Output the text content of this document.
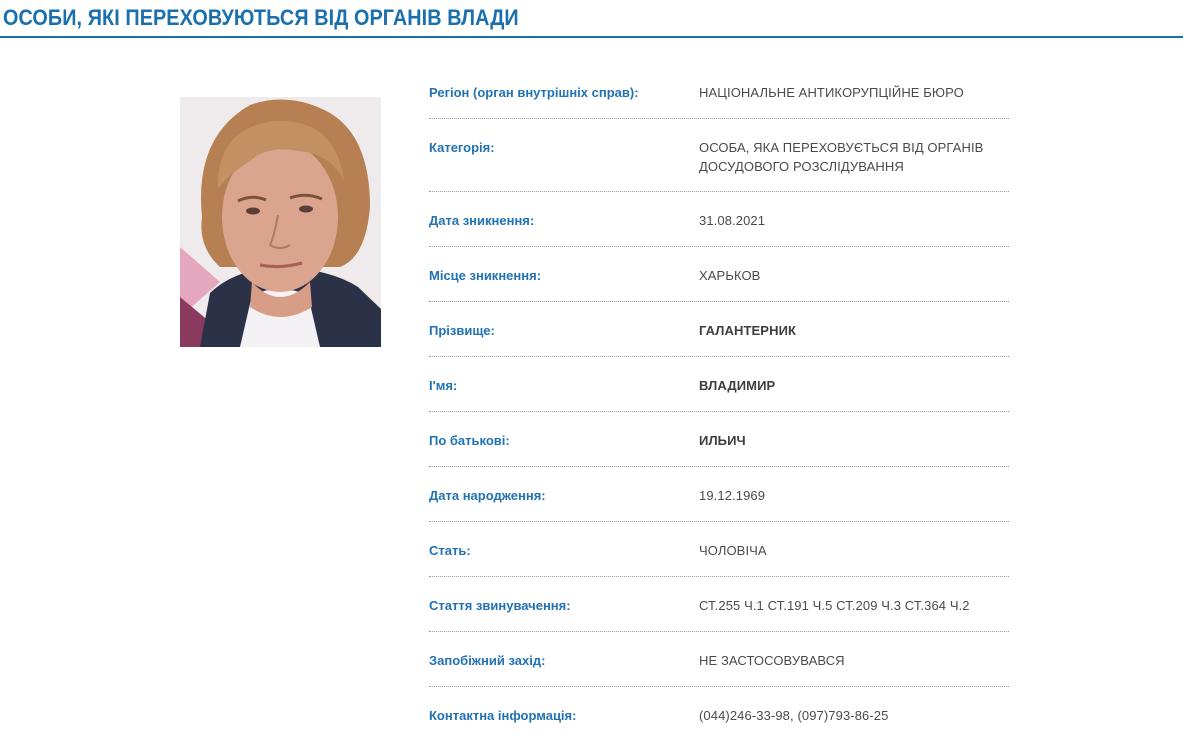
ОСОБИ, ЯКІ ПЕРЕХОВУЮТЬСЯ ВІД ОРГАНІВ ВЛАДИ
Регіон (орган внутрішніх справ):	НАЦІОНАЛЬНЕ АНТИКОРУПЦІЙНЕ БЮРО
Категорія:	ОСОБА, ЯКА ПЕРЕХОВУЄТЬСЯ ВІД ОРГАНІВ ДОСУДОВОГО РОЗСЛІДУВАННЯ
Дата зникнення:	31.08.2021
Місце зникнення:	ХАРЬКОВ
Прізвище:	ГАЛАНТЕРНИК
І'мя:	ВЛАДИМИР
По батькові:	ИЛЬИЧ
Дата народження:	19.12.1969
Стать:	ЧОЛОВІЧА
Стаття звинувачення:	СТ.255 Ч.1 СТ.191 Ч.5 СТ.209 Ч.3 СТ.364 Ч.2
Запобіжний захід:	НЕ ЗАСТОСОВУВАВСЯ
Контактна інформація:	(044)246-33-98, (097)793-86-25
